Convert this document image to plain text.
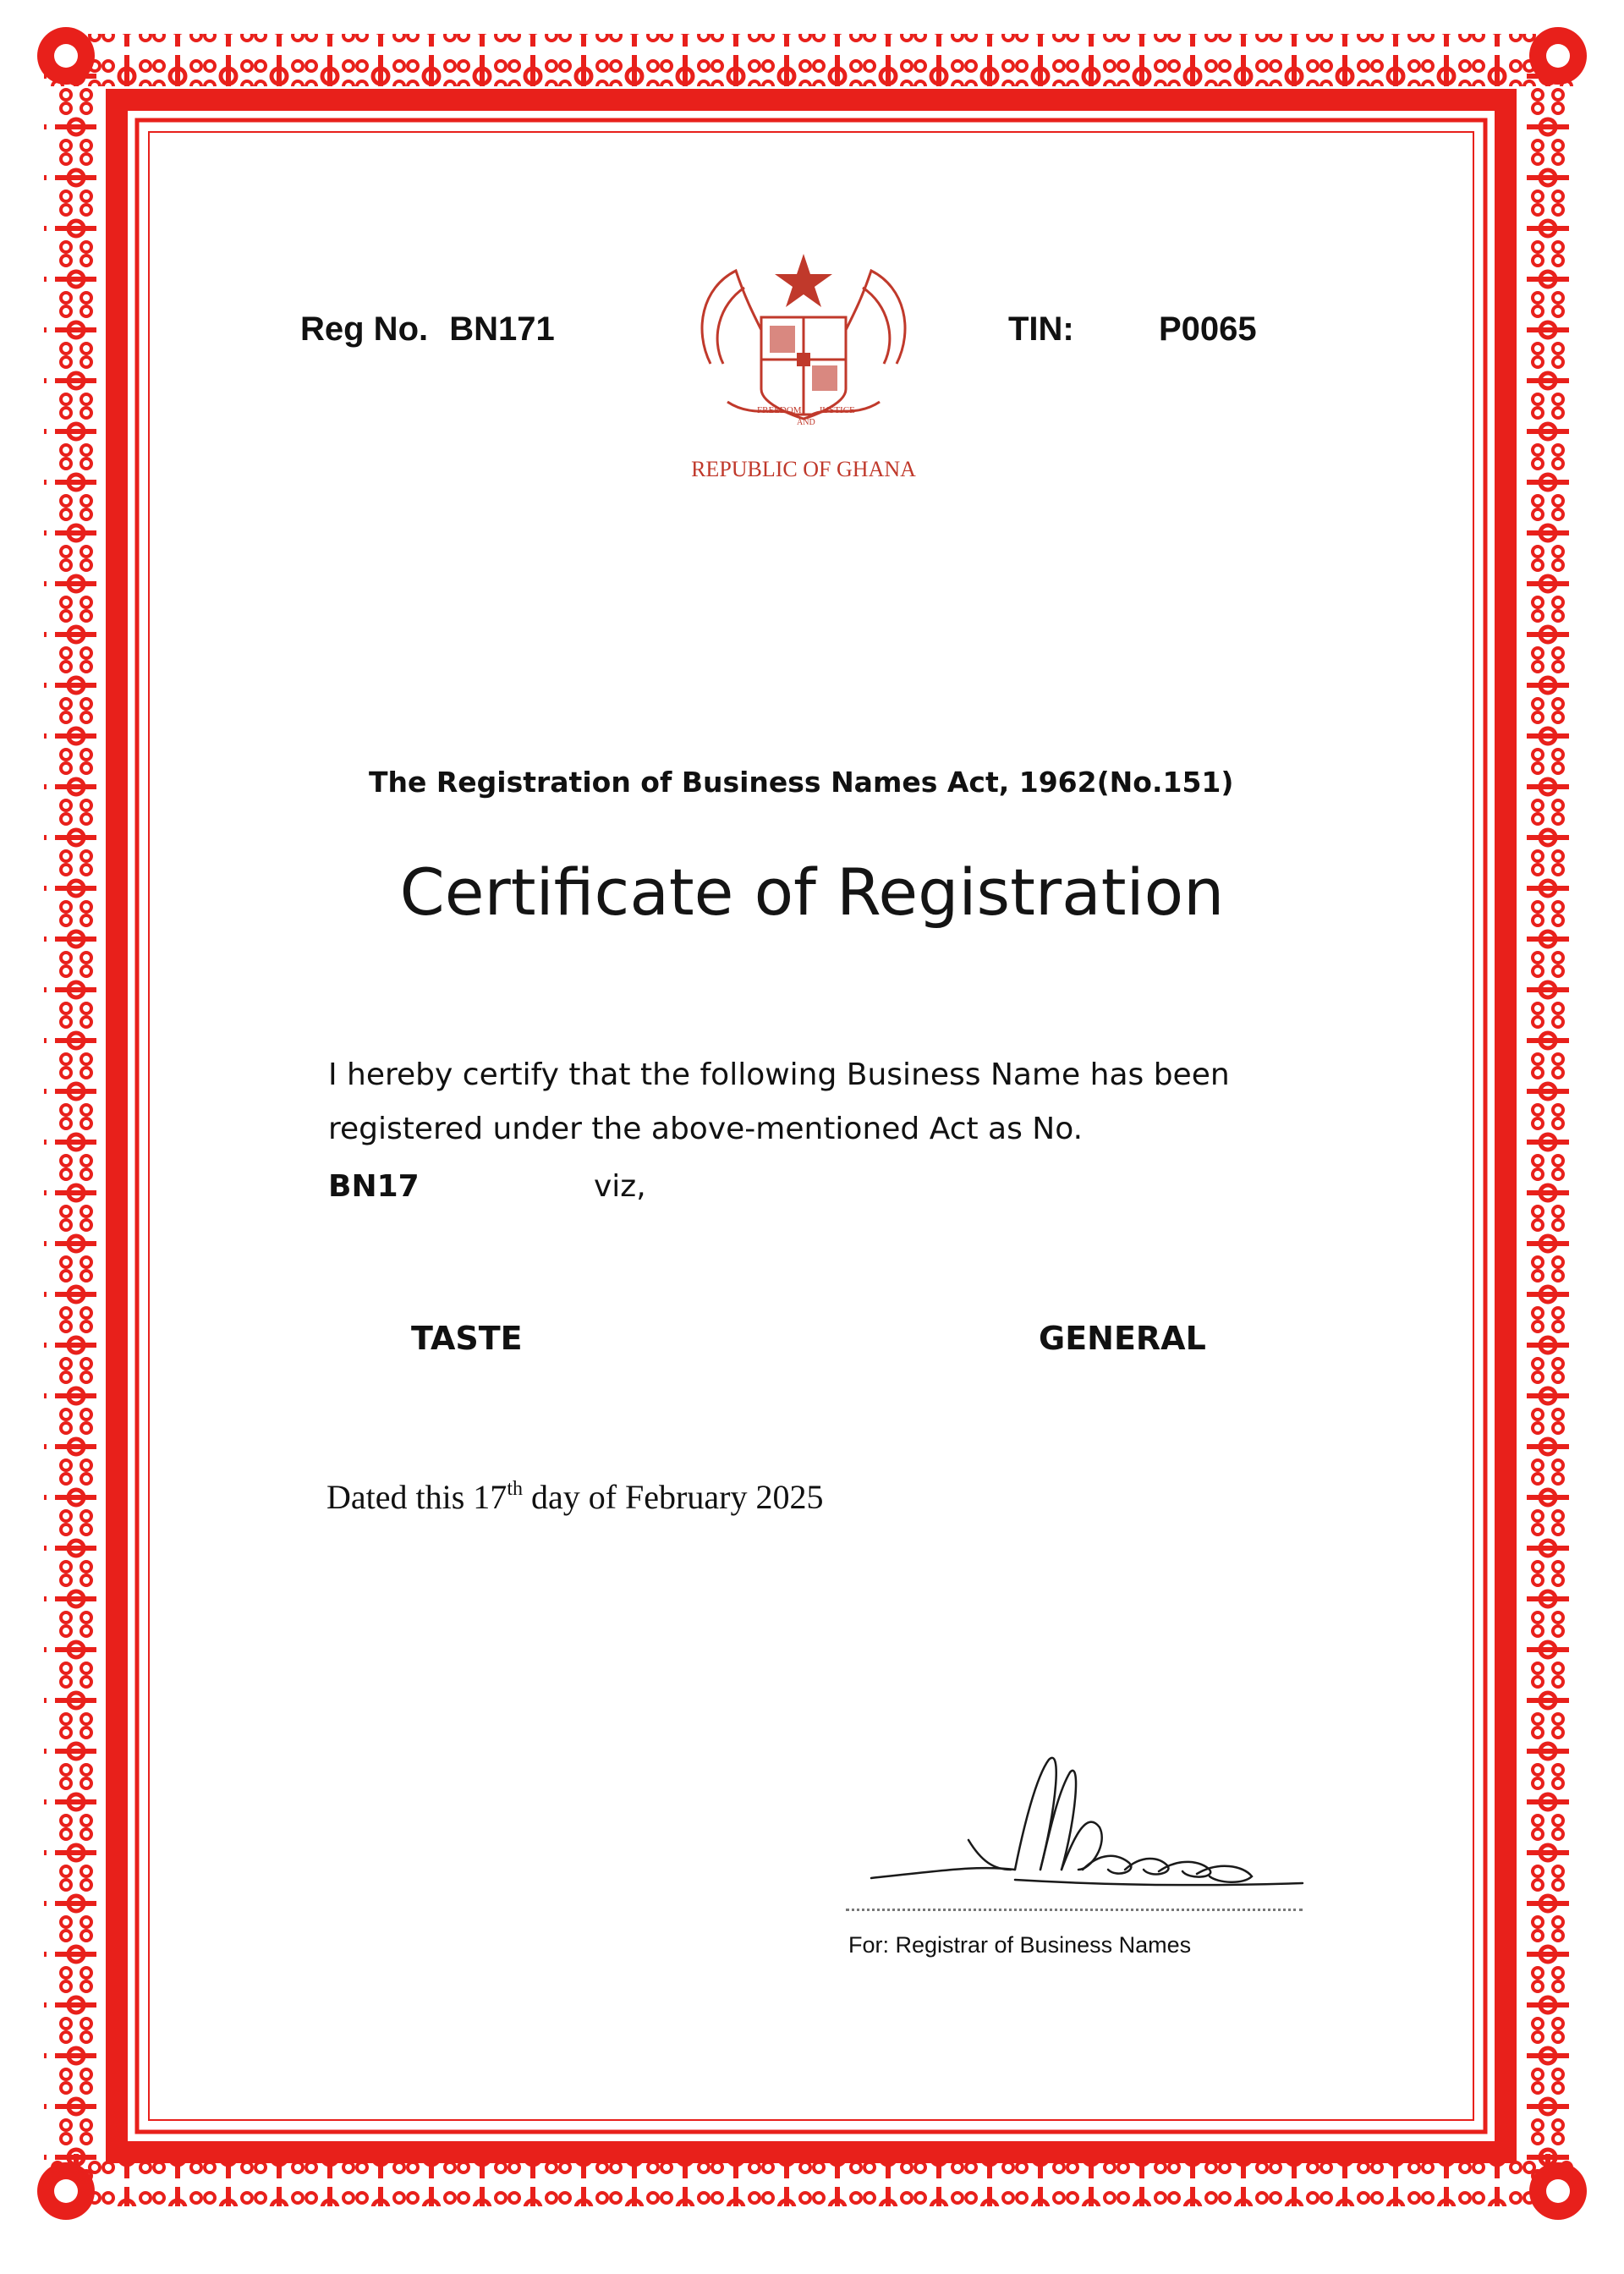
Reg No. BN171
FREEDOM
AND
JUSTICE
REPUBLIC OF GHANA
TIN:	P0065
The Registration of Business Names Act, 1962(No.151)
Certificate of Registration
I hereby certify that the following Business Name has been
registered under the above-mentioned Act as No.
BN17	viz,
TASTE	GENERAL
Dated this 17th day of February 2025
For: Registrar of Business Names
